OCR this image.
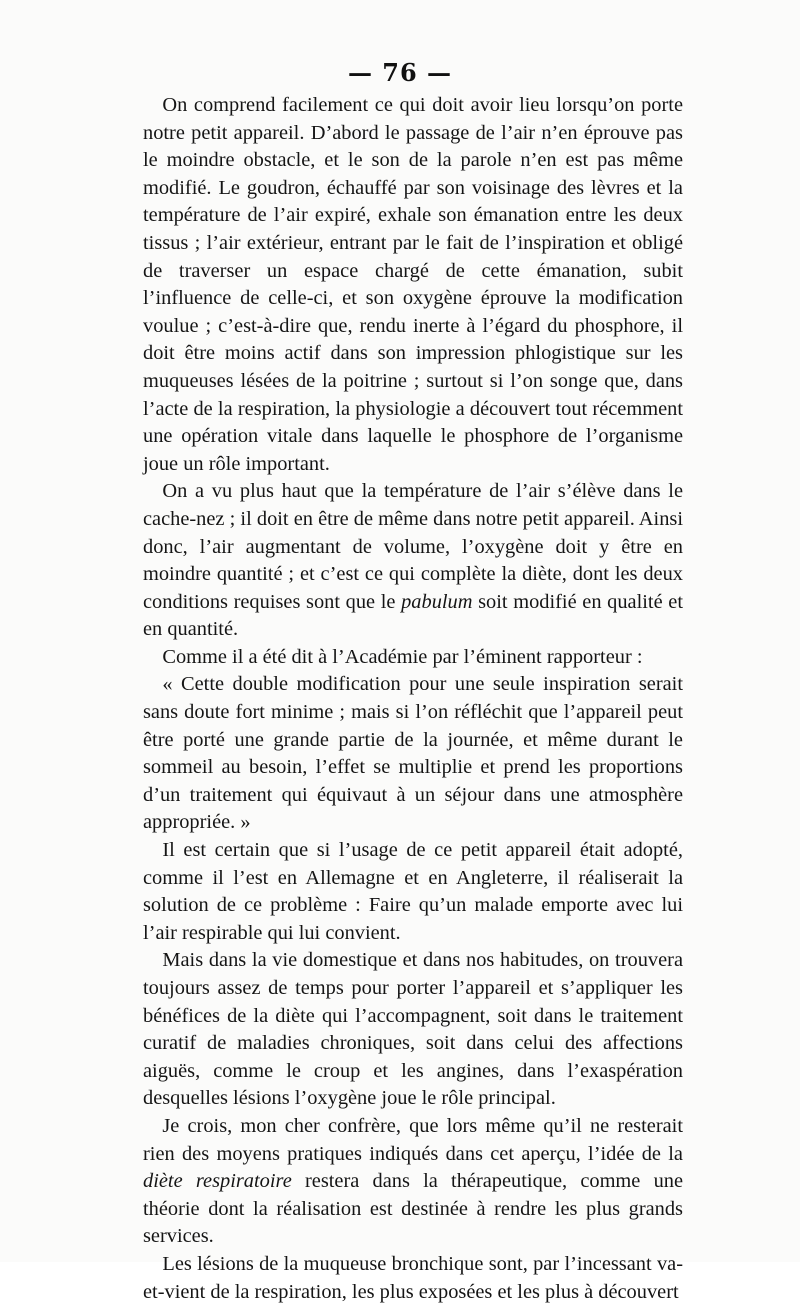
— 76 —

On comprend facilement ce qui doit avoir lieu lorsqu’on porte notre petit appareil. D’abord le passage de l’air n’en éprouve pas le moindre obstacle, et le son de la parole n’en est pas même modifié. Le goudron, échauffé par son voisinage des lèvres et la température de l’air expiré, exhale son émanation entre les deux tissus ; l’air extérieur, entrant par le fait de l’inspiration et obligé de traverser un espace chargé de cette émanation, subit l’influence de celle-ci, et son oxygène éprouve la modification voulue ; c’est-à-dire que, rendu inerte à l’égard du phosphore, il doit être moins actif dans son impression phlogistique sur les muqueuses lésées de la poitrine ; surtout si l’on songe que, dans l’acte de la respiration, la physiologie a découvert tout récemment une opération vitale dans laquelle le phosphore de l’organisme joue un rôle important.

On a vu plus haut que la température de l’air s’élève dans le cache-nez ; il doit en être de même dans notre petit appareil. Ainsi donc, l’air augmentant de volume, l’oxygène doit y être en moindre quantité ; et c’est ce qui complète la diète, dont les deux conditions requises sont que le pabulum soit modifié en qualité et en quantité.

Comme il a été dit à l’Académie par l’éminent rapporteur :

« Cette double modification pour une seule inspiration serait sans doute fort minime ; mais si l’on réfléchit que l’appareil peut être porté une grande partie de la journée, et même durant le sommeil au besoin, l’effet se multiplie et prend les proportions d’un traitement qui équivaut à un séjour dans une atmosphère appropriée. »

Il est certain que si l’usage de ce petit appareil était adopté, comme il l’est en Allemagne et en Angleterre, il réaliserait la solution de ce problème : Faire qu’un malade emporte avec lui l’air respirable qui lui convient.

Mais dans la vie domestique et dans nos habitudes, on trouvera toujours assez de temps pour porter l’appareil et s’appliquer les bénéfices de la diète qui l’accompagnent, soit dans le traitement curatif de maladies chroniques, soit dans celui des affections aiguës, comme le croup et les angines, dans l’exaspération desquelles lésions l’oxygène joue le rôle principal.

Je crois, mon cher confrère, que lors même qu’il ne resterait rien des moyens pratiques indiqués dans cet aperçu, l’idée de la diète respiratoire restera dans la thérapeutique, comme une théorie dont la réalisation est destinée à rendre les plus grands services.

Les lésions de la muqueuse bronchique sont, par l’incessant va-et-vient de la respiration, les plus exposées et les plus à découvert
